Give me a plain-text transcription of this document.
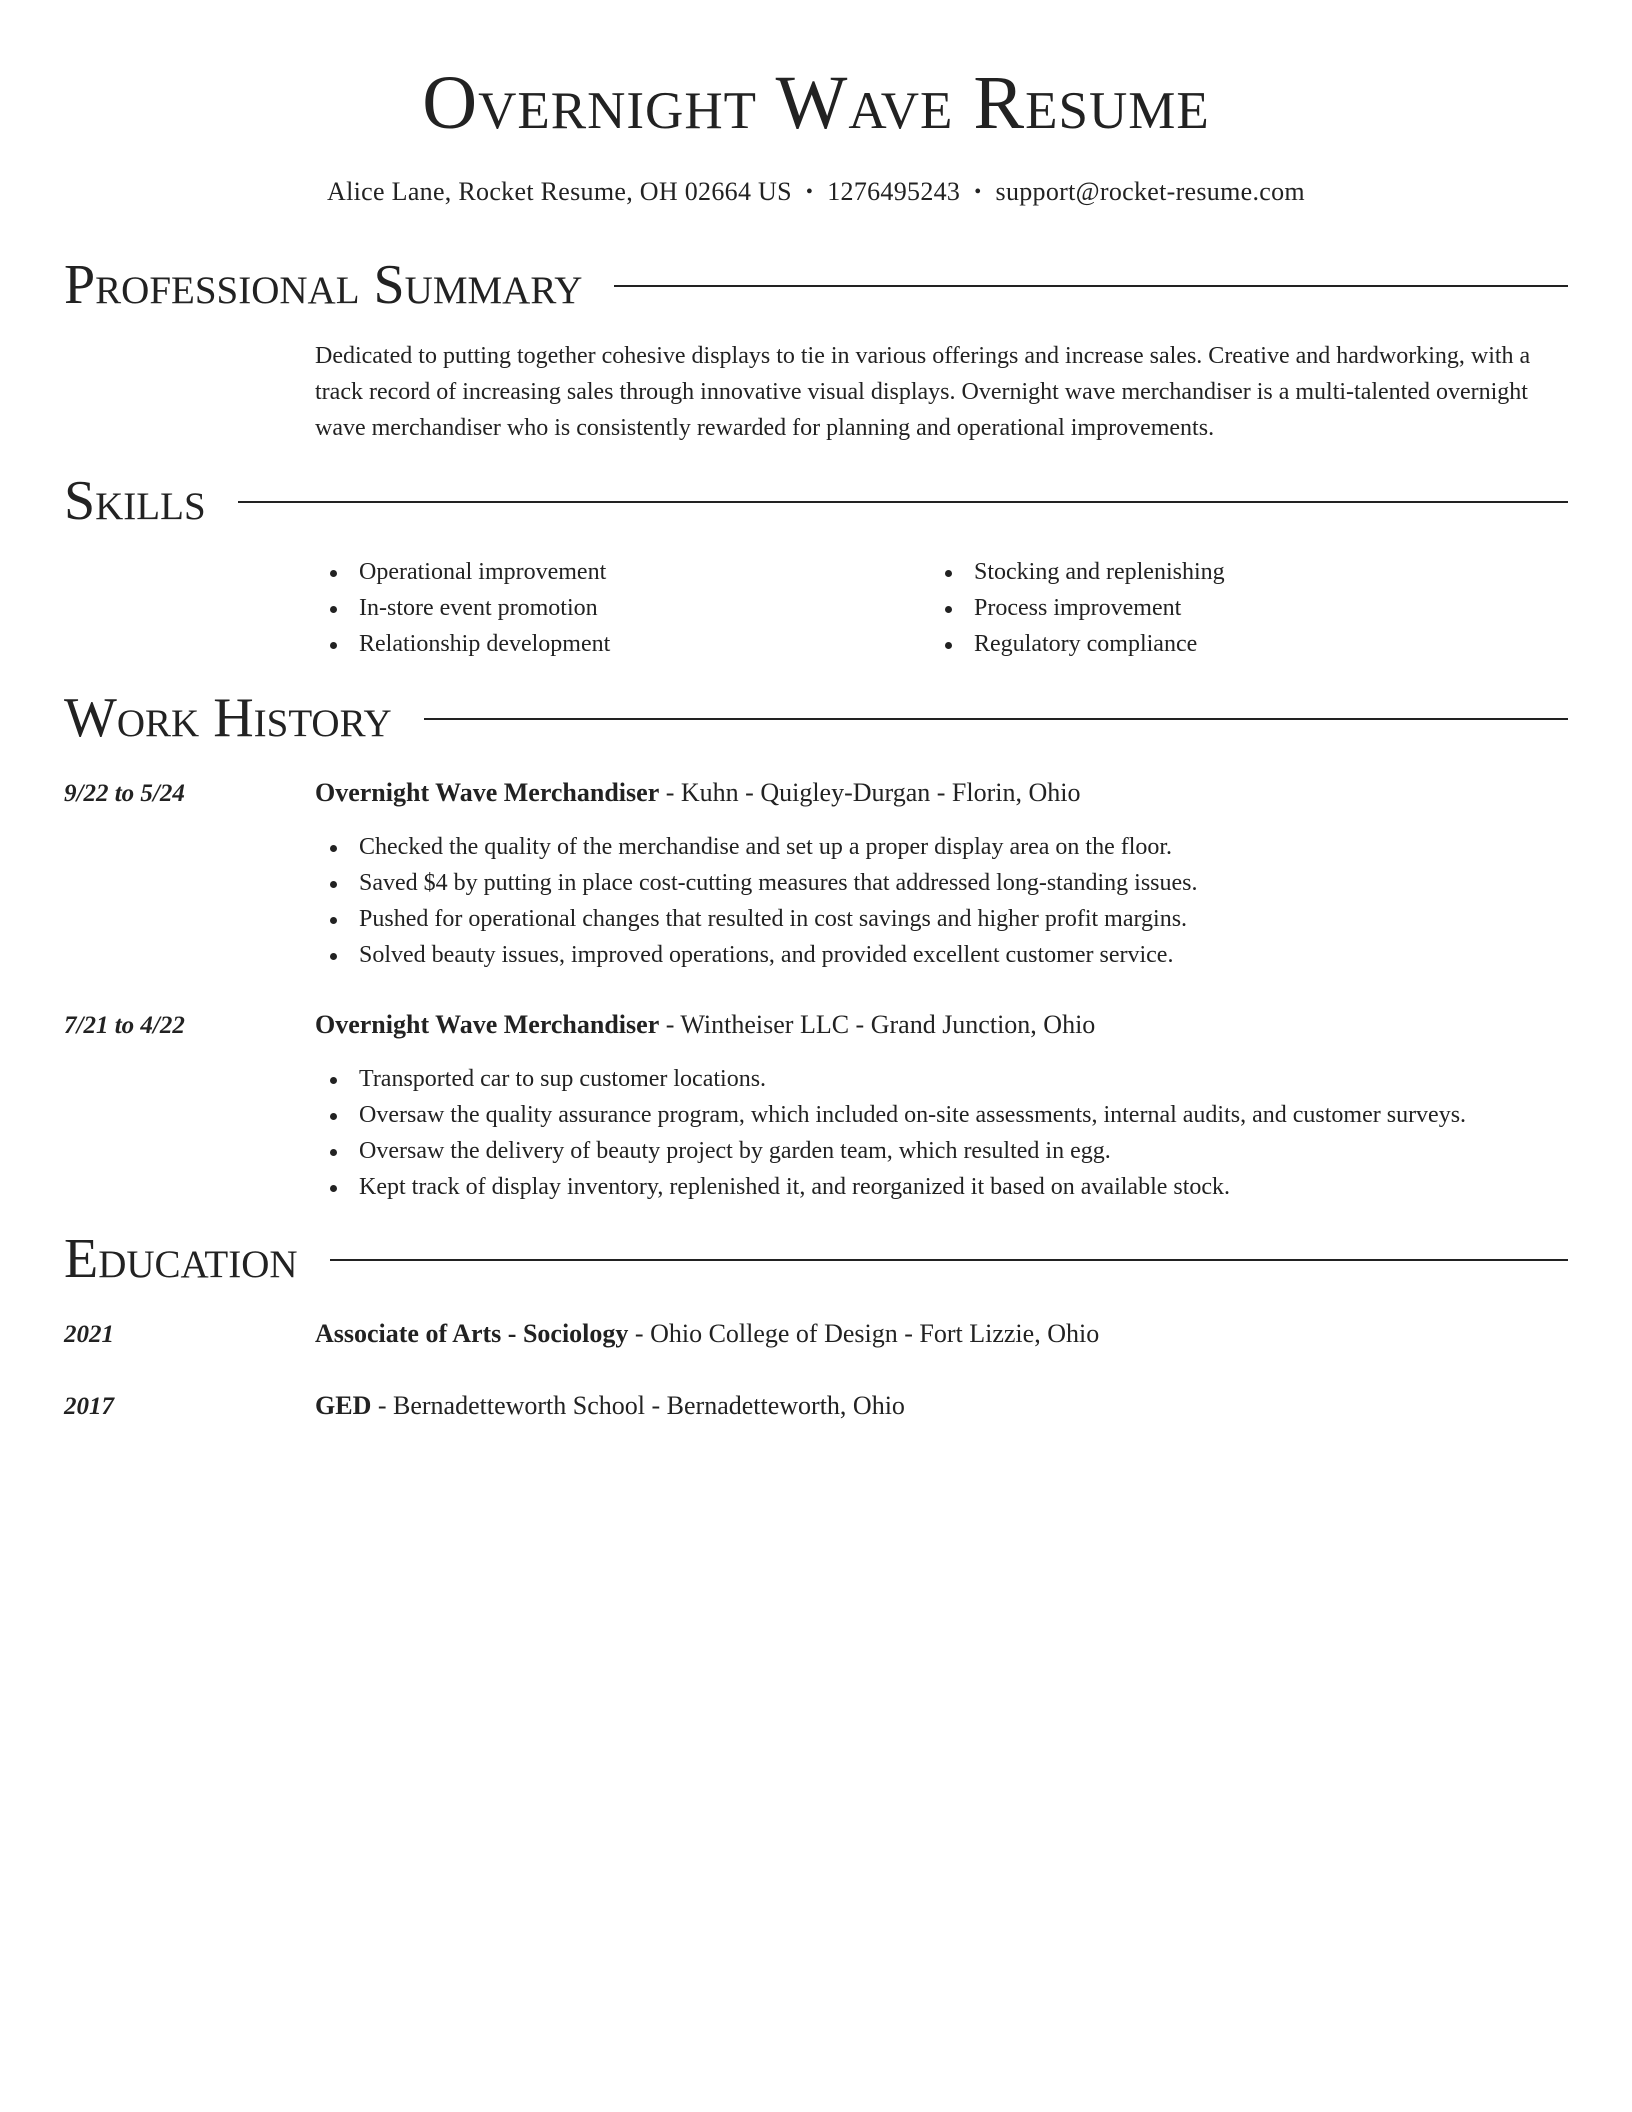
Overnight Wave Resume
Alice Lane, Rocket Resume, OH 02664 US • 1276495243 • support@rocket-resume.com
Professional Summary
Dedicated to putting together cohesive displays to tie in various offerings and increase sales. Creative and hardworking, with a track record of increasing sales through innovative visual displays. Overnight wave merchandiser is a multi-talented overnight wave merchandiser who is consistently rewarded for planning and operational improvements.
Skills
Operational improvement
In-store event promotion
Relationship development
Stocking and replenishing
Process improvement
Regulatory compliance
Work History
9/22 to 5/24	Overnight Wave Merchandiser - Kuhn - Quigley-Durgan - Florin, Ohio
Checked the quality of the merchandise and set up a proper display area on the floor.
Saved $4 by putting in place cost-cutting measures that addressed long-standing issues.
Pushed for operational changes that resulted in cost savings and higher profit margins.
Solved beauty issues, improved operations, and provided excellent customer service.
7/21 to 4/22	Overnight Wave Merchandiser - Wintheiser LLC - Grand Junction, Ohio
Transported car to sup customer locations.
Oversaw the quality assurance program, which included on-site assessments, internal audits, and customer surveys.
Oversaw the delivery of beauty project by garden team, which resulted in egg.
Kept track of display inventory, replenished it, and reorganized it based on available stock.
Education
2021	Associate of Arts - Sociology - Ohio College of Design - Fort Lizzie, Ohio
2017	GED - Bernadetteworth School - Bernadetteworth, Ohio
